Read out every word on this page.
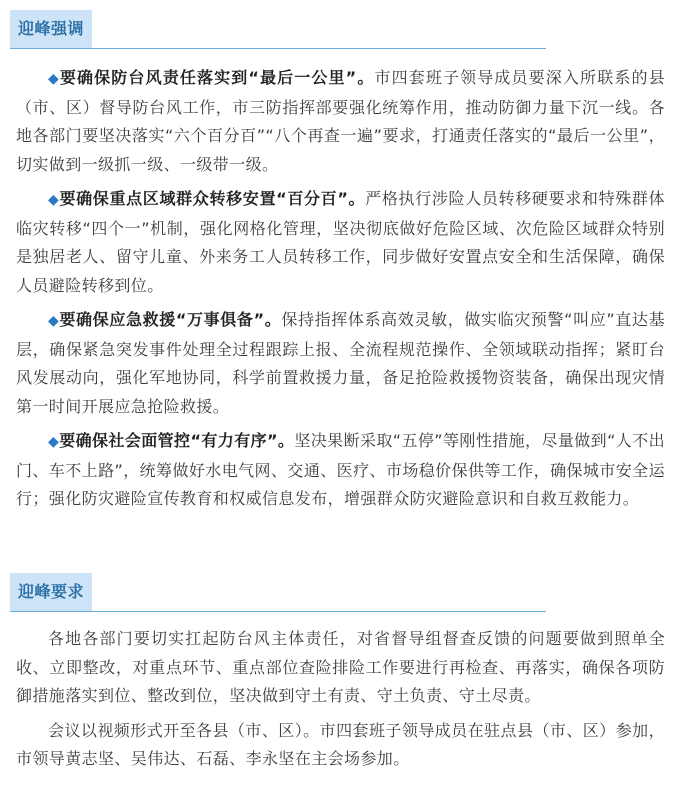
迎峰强调

◆要确保防台风责任落实到“最后一公里”。市四套班子领导成员要深入所联系的县（市、区）督导防台风工作，市三防指挥部要强化统筹作用，推动防御力量下沉一线。各地各部门要坚决落实“六个百分百”“八个再查一遍”要求，打通责任落实的“最后一公里”，切实做到一级抓一级、一级带一级。

◆要确保重点区域群众转移安置“百分百”。严格执行涉险人员转移硬要求和特殊群体临灾转移“四个一”机制，强化网格化管理，坚决彻底做好危险区域、次危险区域群众特别是独居老人、留守儿童、外来务工人员转移工作，同步做好安置点安全和生活保障，确保人员避险转移到位。

◆要确保应急救援“万事俱备”。保持指挥体系高效灵敏，做实临灾预警“叫应”直达基层，确保紧急突发事件处理全过程跟踪上报、全流程规范操作、全领域联动指挥；紧盯台风发展动向，强化军地协同，科学前置救援力量，备足抢险救援物资装备，确保出现灾情第一时间开展应急抢险救援。

◆要确保社会面管控“有力有序”。坚决果断采取“五停”等刚性措施，尽量做到“人不出门、车不上路”，统筹做好水电气网、交通、医疗、市场稳价保供等工作，确保城市安全运行；强化防灾避险宣传教育和权威信息发布，增强群众防灾避险意识和自救互救能力。

迎峰要求

各地各部门要切实扛起防台风主体责任，对省督导组督查反馈的问题要做到照单全收、立即整改，对重点环节、重点部位查险排险工作要进行再检查、再落实，确保各项防御措施落实到位、整改到位，坚决做到守土有责、守土负责、守土尽责。

会议以视频形式开至各县（市、区）。市四套班子领导成员在驻点县（市、区）参加，市领导黄志坚、吴伟达、石磊、李永坚在主会场参加。
